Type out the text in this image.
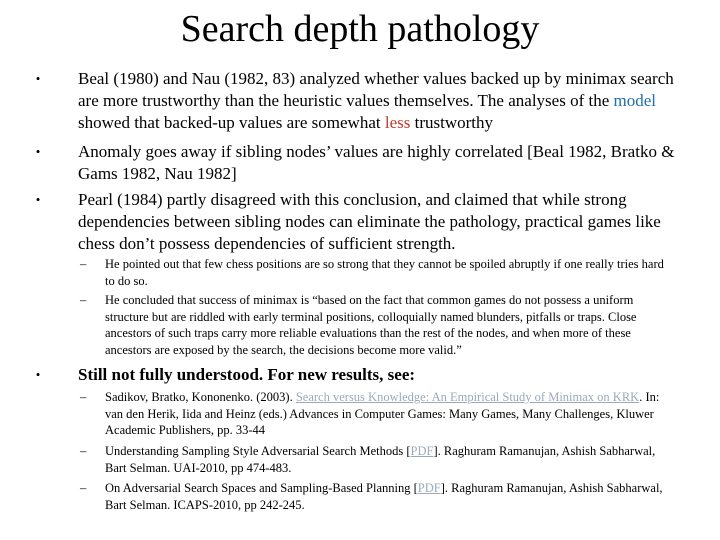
Search depth pathology
•	Beal (1980) and Nau (1982, 83) analyzed whether values backed up by minimax search are more trustworthy than the heuristic values themselves. The analyses of the model showed that backed-up values are somewhat less trustworthy
•	Anomaly goes away if sibling nodes’ values are highly correlated [Beal 1982, Bratko & Gams 1982, Nau 1982]
•	Pearl (1984) partly disagreed with this conclusion, and claimed that while strong dependencies between sibling nodes can eliminate the pathology, practical games like chess don’t possess dependencies of sufficient strength.
– He pointed out that few chess positions are so strong that they cannot be spoiled abruptly if one really tries hard to do so.
– He concluded that success of minimax is “based on the fact that common games do not possess a uniform structure but are riddled with early terminal positions, colloquially named blunders, pitfalls or traps. Close ancestors of such traps carry more reliable evaluations than the rest of the nodes, and when more of these ancestors are exposed by the search, the decisions become more valid.”
•	Still not fully understood. For new results, see:
– Sadikov, Bratko, Kononenko. (2003). Search versus Knowledge: An Empirical Study of Minimax on KRK. In: van den Herik, Iida and Heinz (eds.) Advances in Computer Games: Many Games, Many Challenges, Kluwer Academic Publishers, pp. 33-44
– Understanding Sampling Style Adversarial Search Methods [PDF]. Raghuram Ramanujan, Ashish Sabharwal, Bart Selman. UAI-2010, pp 474-483.
– On Adversarial Search Spaces and Sampling-Based Planning [PDF]. Raghuram Ramanujan, Ashish Sabharwal, Bart Selman. ICAPS-2010, pp 242-245.
